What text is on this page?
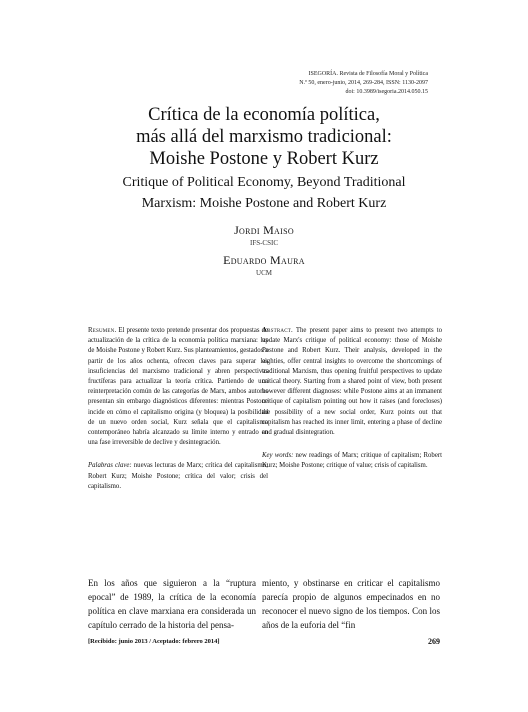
ISEGORÍA. Revista de Filosofía Moral y Política
N.º 50, enero-junio, 2014, 269-284, ISSN: 1130-2097
doi: 10.3989/isegoria.2014.050.15
Crítica de la economía política,
más allá del marxismo tradicional:
Moishe Postone y Robert Kurz
Critique of Political Economy, Beyond Traditional
Marxism: Moishe Postone and Robert Kurz
Jordi Maiso
IFS-CSIC
Eduardo Maura
UCM
Resumen. El presente texto pretende presentar dos propuestas de actualización de la crítica de la economía política marxiana: las de Moishe Postone y Robert Kurz. Sus planteamientos, gestados a partir de los años ochenta, ofrecen claves para superar las insuficiencias del marxismo tradicional y abren perspectivas fructíferas para actualizar la teoría crítica. Partiendo de una reinterpretación común de las categorías de Marx, ambos autores presentan sin embargo diagnósticos diferentes: mientras Postone incide en cómo el capitalismo origina (y bloquea) la posibilidad de un nuevo orden social, Kurz señala que el capitalismo contemporáneo habría alcanzado su límite interno y entrado en una fase irreversible de declive y desintegración.
Palabras clave: nuevas lecturas de Marx; crítica del capitalismo; Robert Kurz; Moishe Postone; crítica del valor; crisis del capitalismo.
Abstract. The present paper aims to present two attempts to update Marx's critique of political economy: those of Moishe Postone and Robert Kurz. Their analysis, developed in the eighties, offer central insights to overcome the shortcomings of traditional Marxism, thus opening fruitful perspectives to update critical theory. Starting from a shared point of view, both present however different diagnoses: while Postone aims at an immanent critique of capitalism pointing out how it raises (and forecloses) the possibility of a new social order, Kurz points out that capitalism has reached its inner limit, entering a phase of decline and gradual disintegration.
Key words: new readings of Marx; critique of capitalism; Robert Kurz; Moishe Postone; critique of value; crisis of capitalism.
En los años que siguieron a la “ruptura epocal” de 1989, la crítica de la economía política en clave marxiana era considerada un capítulo cerrado de la historia del pensa-
miento, y obstinarse en criticar el capitalismo parecía propio de algunos empecinados en no reconocer el nuevo signo de los tiempos. Con los años de la euforia del “fin
[Recibido: junio 2013 / Aceptado: febrero 2014]	269
